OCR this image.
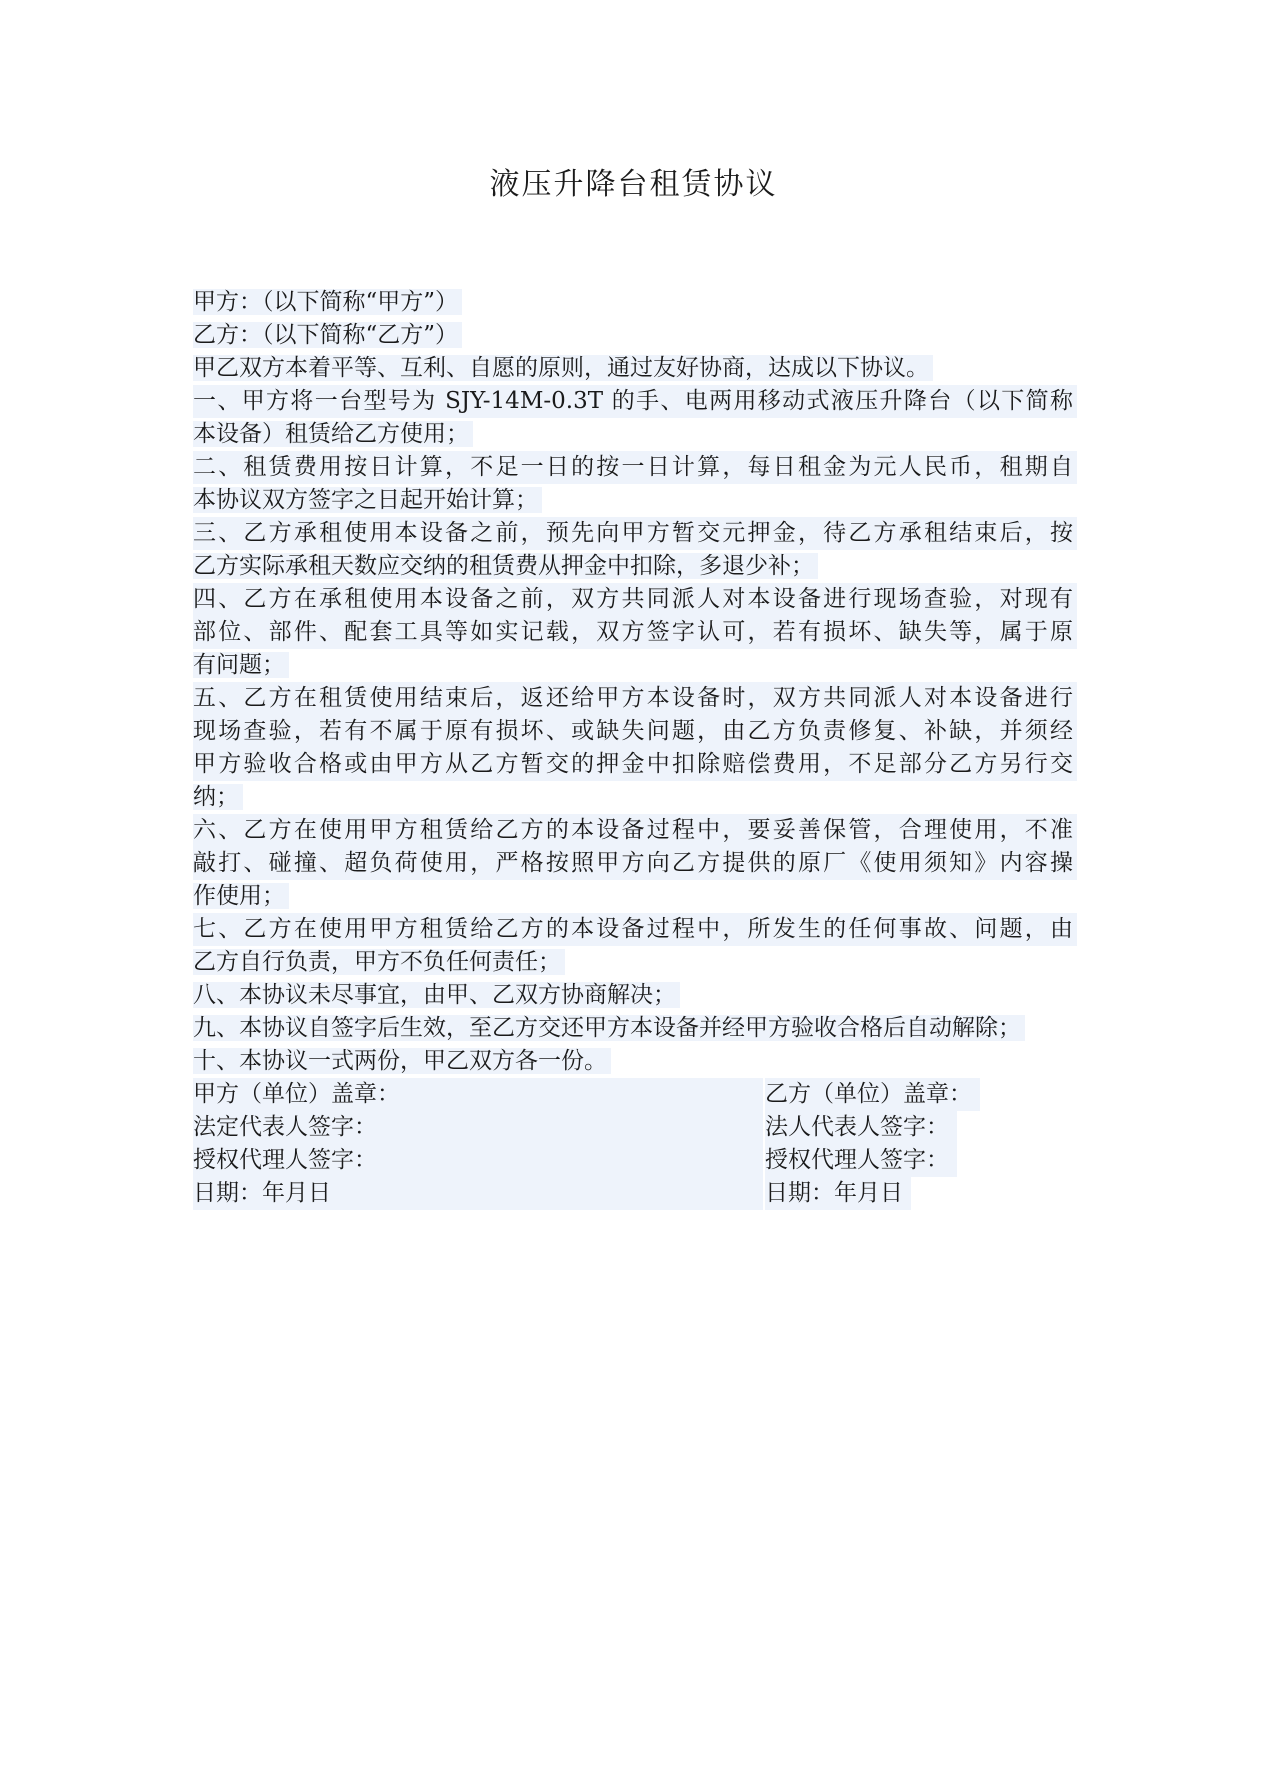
液压升降台租赁协议
甲方：（以下简称“甲方”）
乙方：（以下简称“乙方”）
甲乙双方本着平等、互利、自愿的原则，通过友好协商，达成以下协议。
一、甲方将一台型号为 SJY-14M-0.3T 的手、电两用移动式液压升降台（以下简称
本设备）租赁给乙方使用；
二、租赁费用按日计算，不足一日的按一日计算，每日租金为元人民币，租期自
本协议双方签字之日起开始计算；
三、乙方承租使用本设备之前，预先向甲方暂交元押金，待乙方承租结束后，按
乙方实际承租天数应交纳的租赁费从押金中扣除，多退少补；
四、乙方在承租使用本设备之前，双方共同派人对本设备进行现场查验，对现有
部位、部件、配套工具等如实记载，双方签字认可，若有损坏、缺失等，属于原
有问题；
五、乙方在租赁使用结束后，返还给甲方本设备时，双方共同派人对本设备进行
现场查验，若有不属于原有损坏、或缺失问题，由乙方负责修复、补缺，并须经
甲方验收合格或由甲方从乙方暂交的押金中扣除赔偿费用，不足部分乙方另行交
纳；
六、乙方在使用甲方租赁给乙方的本设备过程中，要妥善保管，合理使用，不准
敲打、碰撞、超负荷使用，严格按照甲方向乙方提供的原厂《使用须知》内容操
作使用；
七、乙方在使用甲方租赁给乙方的本设备过程中，所发生的任何事故、问题，由
乙方自行负责，甲方不负任何责任；
八、本协议未尽事宜，由甲、乙双方协商解决；
九、本协议自签字后生效，至乙方交还甲方本设备并经甲方验收合格后自动解除；
十、本协议一式两份，甲乙双方各一份。
甲方（单位）盖章：	乙方（单位）盖章：
法定代表人签字：	法人代表人签字：
授权代理人签字：	授权代理人签字：
日期：年月日	日期：年月日
